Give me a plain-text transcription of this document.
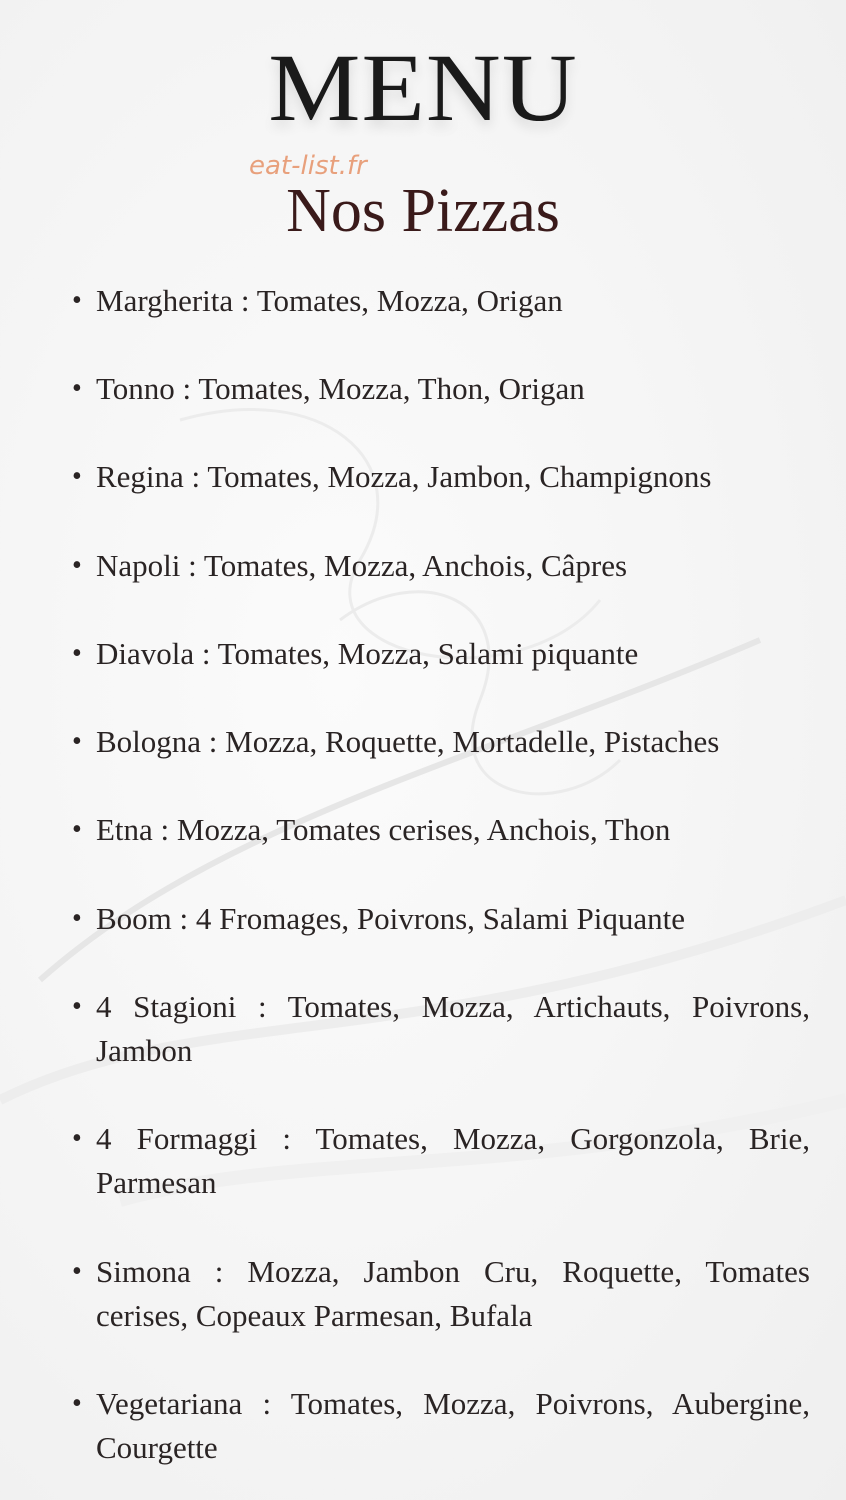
MENU
eat-list.fr
Nos Pizzas
• Margherita : Tomates, Mozza, Origan
• Tonno : Tomates, Mozza, Thon, Origan
• Regina : Tomates, Mozza, Jambon, Champignons
• Napoli : Tomates, Mozza, Anchois, Câpres
• Diavola : Tomates, Mozza, Salami piquante
• Bologna : Mozza, Roquette, Mortadelle, Pistaches
• Etna : Mozza, Tomates cerises, Anchois, Thon
• Boom : 4 Fromages, Poivrons, Salami Piquante
• 4 Stagioni : Tomates, Mozza, Artichauts, Poivrons, Jambon
• 4 Formaggi : Tomates, Mozza, Gorgonzola, Brie, Parmesan
• Simona : Mozza, Jambon Cru, Roquette, Tomates cerises, Copeaux Parmesan, Bufala
• Vegetariana : Tomates, Mozza, Poivrons, Aubergine, Courgette
